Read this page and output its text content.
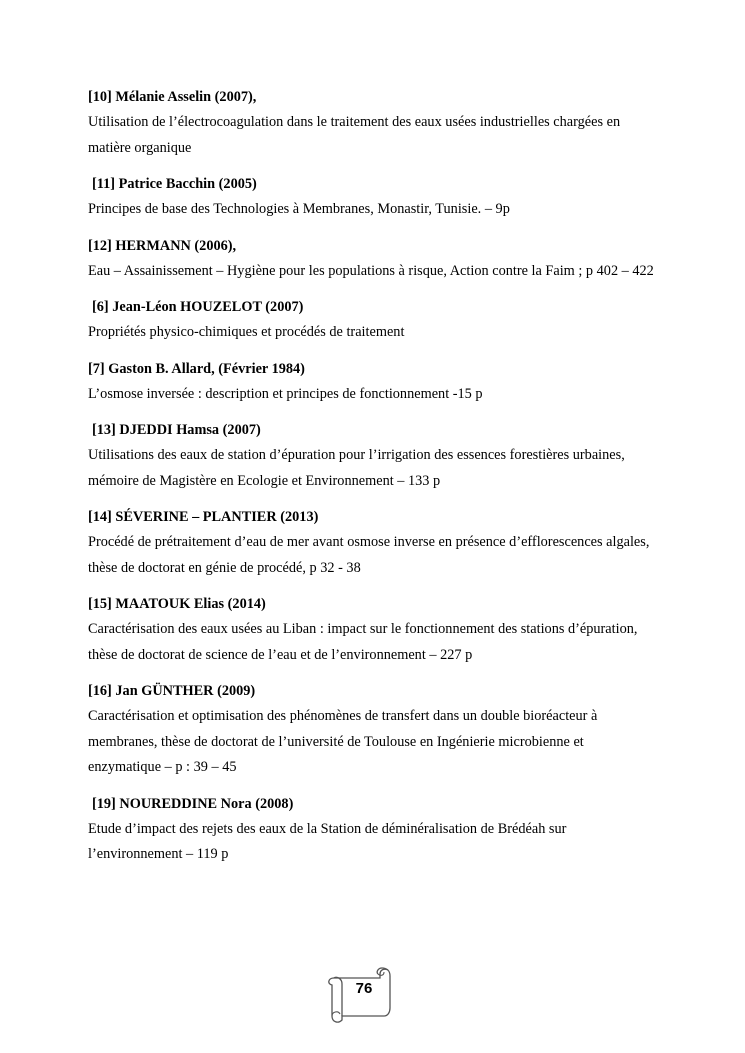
[10] Mélanie Asselin (2007),
Utilisation de l’électrocoagulation dans le traitement des eaux usées industrielles chargées en matière organique
[11] Patrice Bacchin (2005)
Principes de base des Technologies à Membranes, Monastir, Tunisie. – 9p
[12] HERMANN (2006),
Eau – Assainissement – Hygiène pour les populations à risque, Action contre la Faim ; p 402 – 422
[6] Jean-Léon HOUZELOT (2007)
Propriétés physico-chimiques et procédés de traitement
[7] Gaston B. Allard, (Février 1984)
L’osmose inversée : description et principes de fonctionnement -15 p
[13] DJEDDI Hamsa (2007)
Utilisations des eaux de station d’épuration pour l’irrigation des essences forestières urbaines, mémoire de Magistère en Ecologie et Environnement – 133 p
[14] SÉVERINE – PLANTIER (2013)
Procédé de prétraitement d’eau de mer avant osmose inverse en présence d’efflorescences algales, thèse de doctorat en génie de procédé, p 32 - 38
[15] MAATOUK Elias (2014)
Caractérisation des eaux usées au Liban : impact sur le fonctionnement des stations d’épuration, thèse de doctorat de science de l’eau et de l’environnement – 227 p
[16] Jan GÜNTHER (2009)
Caractérisation et optimisation des phénomènes de transfert dans un double bioréacteur à membranes, thèse de doctorat de l’université de Toulouse en Ingénierie microbienne et enzymatique – p : 39 – 45
[19] NOUREDDINE Nora (2008)
Etude d’impact des rejets des eaux de la Station de déminéralisation de Brédéah sur l’environnement – 119 p
76
